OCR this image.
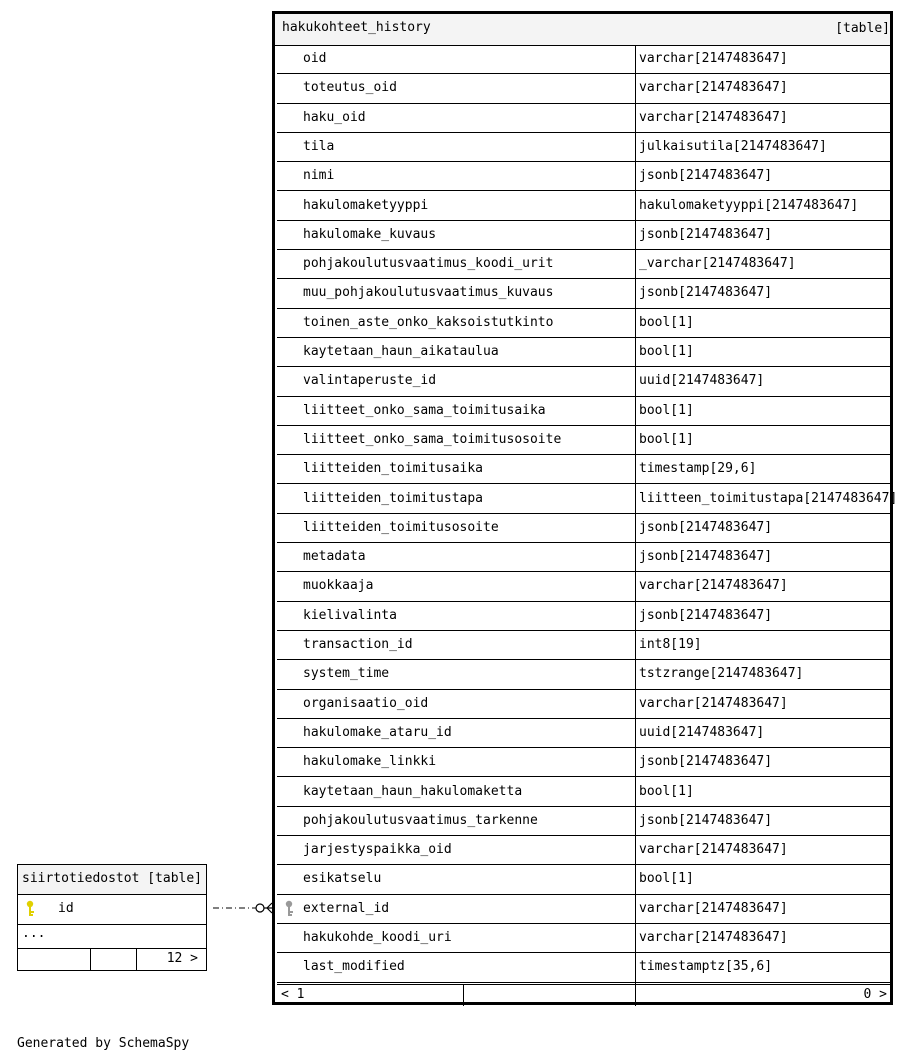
hakukohteet_history	[table]
oid	varchar[2147483647]
toteutus_oid	varchar[2147483647]
haku_oid	varchar[2147483647]
tila	julkaisutila[2147483647]
nimi	jsonb[2147483647]
hakulomaketyyppi	hakulomaketyyppi[2147483647]
hakulomake_kuvaus	jsonb[2147483647]
pohjakoulutusvaatimus_koodi_urit	_varchar[2147483647]
muu_pohjakoulutusvaatimus_kuvaus	jsonb[2147483647]
toinen_aste_onko_kaksoistutkinto	bool[1]
kaytetaan_haun_aikataulua	bool[1]
valintaperuste_id	uuid[2147483647]
liitteet_onko_sama_toimitusaika	bool[1]
liitteet_onko_sama_toimitusosoite	bool[1]
liitteiden_toimitusaika	timestamp[29,6]
liitteiden_toimitustapa	liitteen_toimitustapa[2147483647]
liitteiden_toimitusosoite	jsonb[2147483647]
metadata	jsonb[2147483647]
muokkaaja	varchar[2147483647]
kielivalinta	jsonb[2147483647]
transaction_id	int8[19]
system_time	tstzrange[2147483647]
organisaatio_oid	varchar[2147483647]
hakulomake_ataru_id	uuid[2147483647]
hakulomake_linkki	jsonb[2147483647]
kaytetaan_haun_hakulomaketta	bool[1]
pohjakoulutusvaatimus_tarkenne	jsonb[2147483647]
jarjestyspaikka_oid	varchar[2147483647]
esikatselu	bool[1]
external_id	varchar[2147483647]
hakukohde_koodi_uri	varchar[2147483647]
last_modified	timestamptz[35,6]
< 1	0 >
siirtotiedostot [table]
id
...
12 >
Generated by SchemaSpy
